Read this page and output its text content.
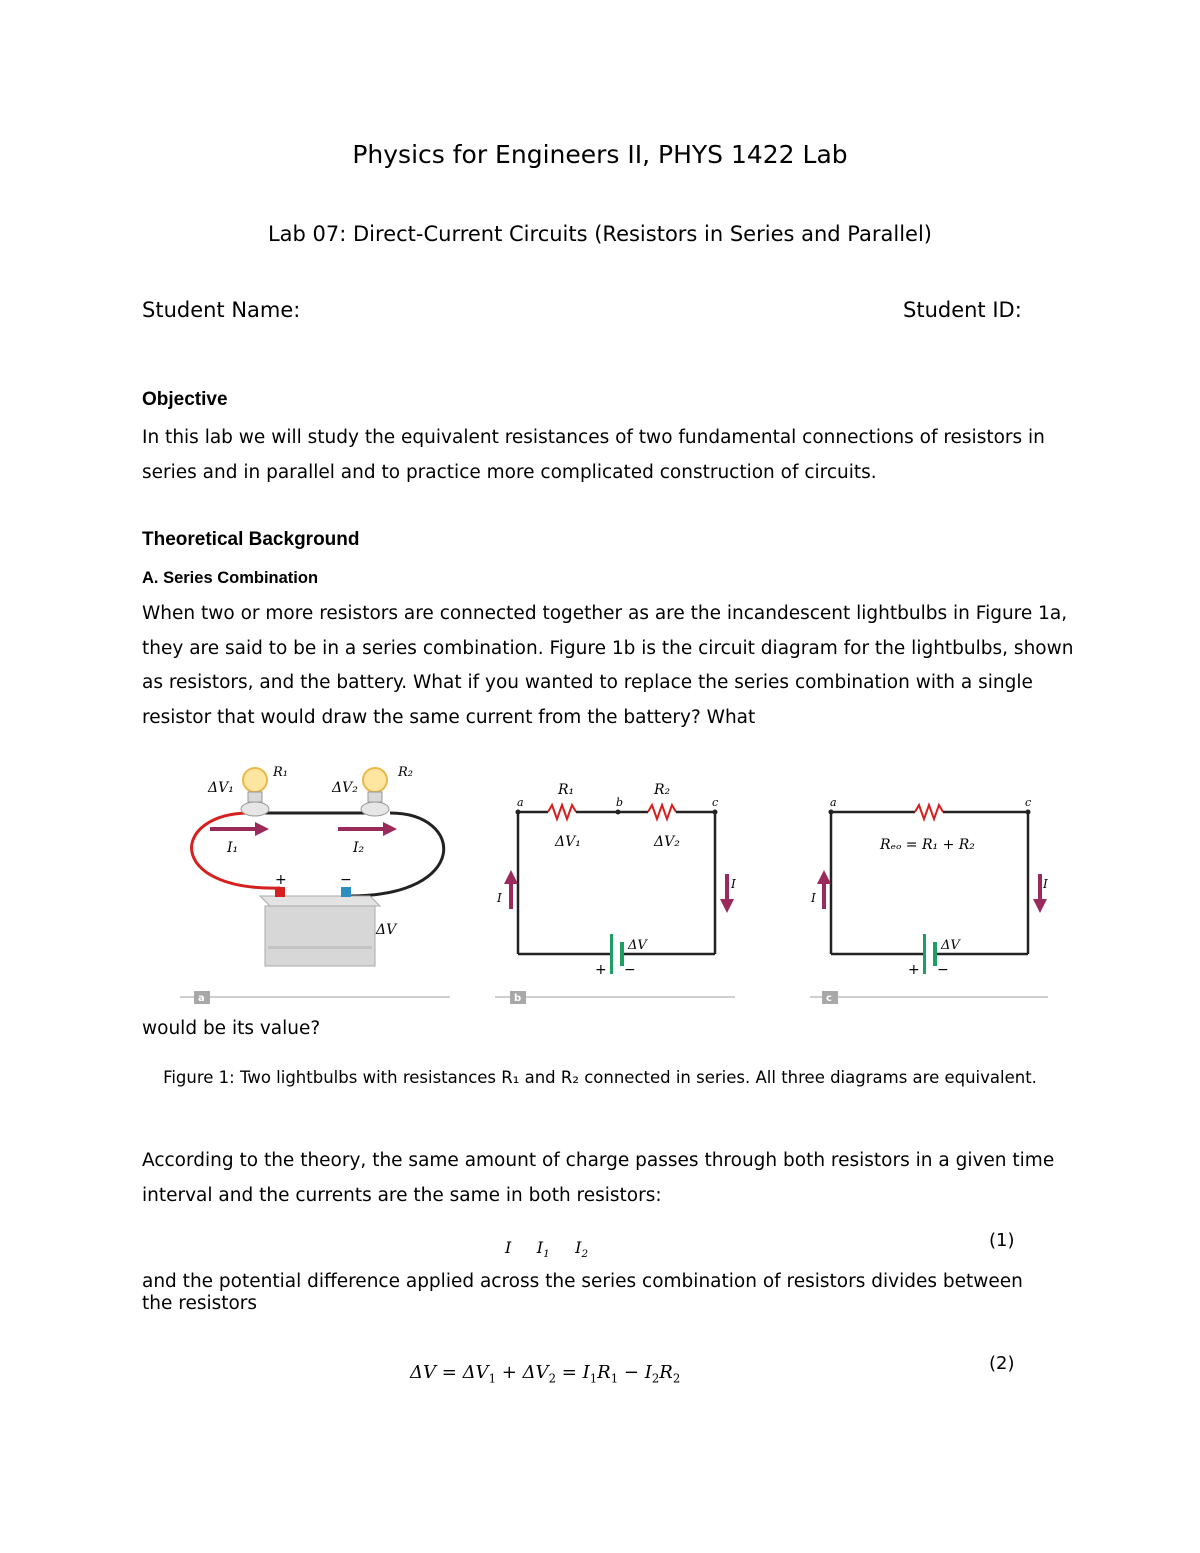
Physics for Engineers II, PHYS 1422 Lab
Lab 07: Direct-Current Circuits (Resistors in Series and Parallel)
Student Name:	Student ID:
Objective
In this lab we will study the equivalent resistances of two fundamental connections of resistors in series and in parallel and to practice more complicated construction of circuits.
Theoretical Background
A. Series Combination
When two or more resistors are connected together as are the incandescent lightbulbs in Figure 1a, they are said to be in a series combination. Figure 1b is the circuit diagram for the lightbulbs, shown as resistors, and the battery. What if you wanted to replace the series combination with a single resistor that would draw the same current from the battery? What
ΔV₁
R₁
ΔV₂
R₂
I₁	I₂
+	−
ΔV
a
a	b	c
R₁	R₂
ΔV₁	ΔV₂
I
I
ΔV
+ −
b
a	c
Rₑₒ = R₁ + R₂
I
I
ΔV
+ −
c
would be its value?
Figure 1: Two lightbulbs with resistances R₁ and R₂ connected in series. All three diagrams are equivalent.
According to the theory, the same amount of charge passes through both resistors in a given time interval and the currents are the same in both resistors:
I $I_1$ $I_2$
(1)
and the potential difference applied across the series combination of resistors divides between the resistors
$\Delta V = \Delta V_1 + \Delta V_2 = I_1R_1 - I_2R_2$
(2)
